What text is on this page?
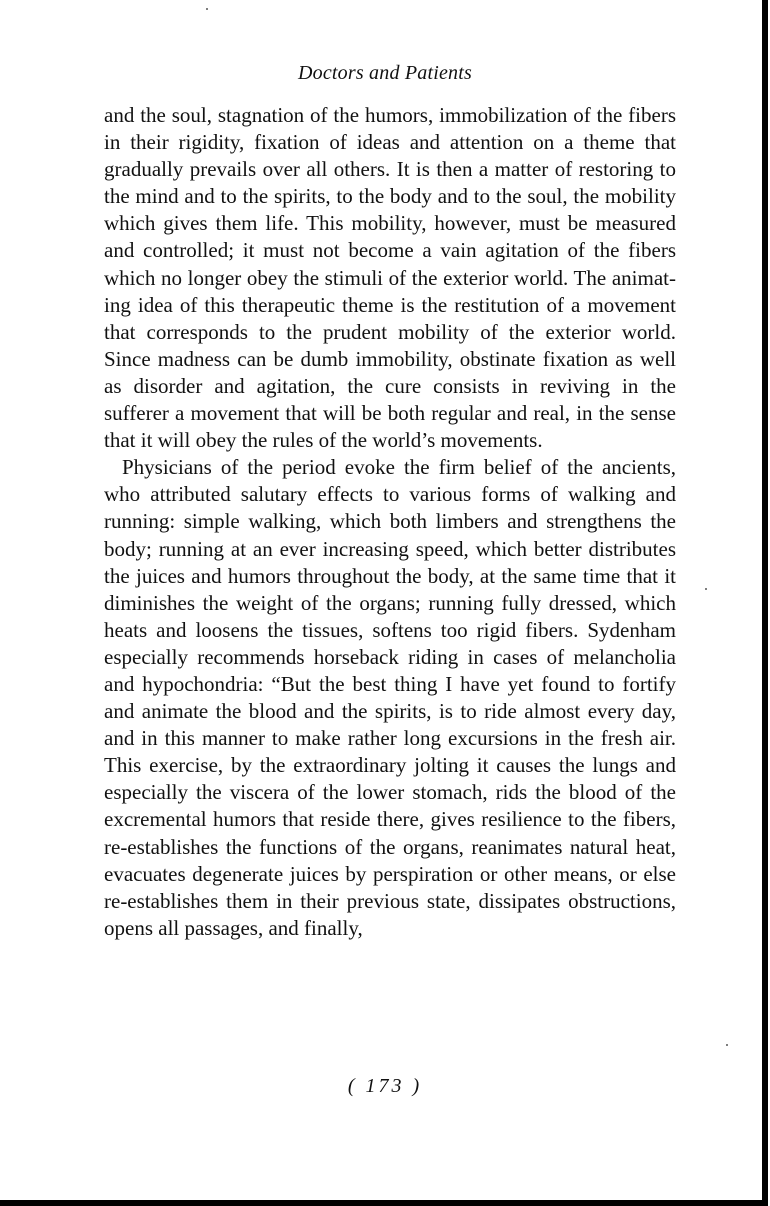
Doctors and Patients

and the soul, stagnation of the humors, immobilization of the fibers in their rigidity, fixation of ideas and attention on a theme that gradually prevails over all others. It is then a matter of restoring to the mind and to the spirits, to the body and to the soul, the mobility which gives them life. This mobility, however, must be measured and controlled; it must not become a vain agitation of the fibers which no longer obey the stimuli of the exterior world. The animating idea of this therapeutic theme is the restitution of a movement that corresponds to the prudent mobility of the exterior world. Since madness can be dumb immobility, obstinate fixation as well as disorder and agitation, the cure consists in reviving in the sufferer a movement that will be both regular and real, in the sense that it will obey the rules of the world’s movements.

Physicians of the period evoke the firm belief of the ancients, who attributed salutary effects to various forms of walking and running: simple walking, which both limbers and strengthens the body; running at an ever increasing speed, which better distributes the juices and humors throughout the body, at the same time that it diminishes the weight of the organs; running fully dressed, which heats and loosens the tissues, softens too rigid fibers. Sydenham especially recommends horseback riding in cases of melancholia and hypochondria: “But the best thing I have yet found to fortify and animate the blood and the spirits, is to ride almost every day, and in this manner to make rather long excursions in the fresh air. This exercise, by the extraordinary jolting it causes the lungs and especially the viscera of the lower stomach, rids the blood of the excremental humors that reside there, gives resilience to the fibers, re-establishes the functions of the organs, reanimates natural heat, evacuates degenerate juices by perspiration or other means, or else re-establishes them in their previous state, dissipates obstructions, opens all passages, and finally,

( 173 )
